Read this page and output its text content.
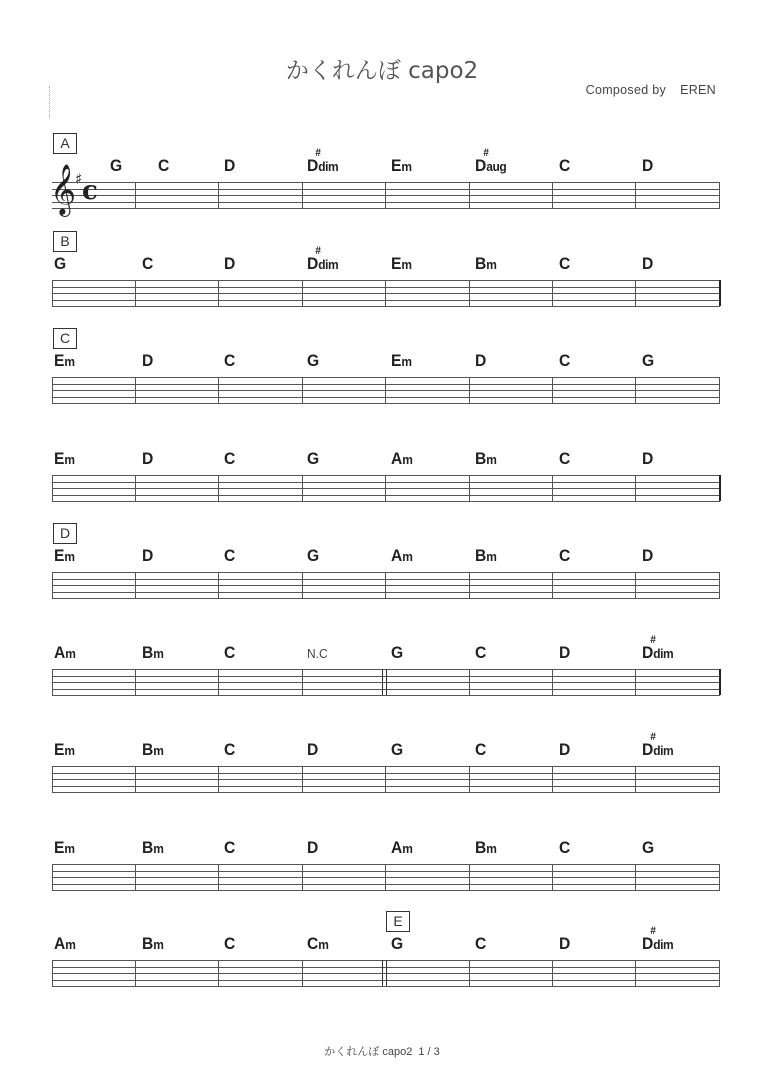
かくれんぼ capo2
Composed by EREN
A
𝄞
♯ c
G C	D	D
#
dim	Em	D
#
aug	C	D
B
G	C	D	D
#
dim	Em	Bm	C	D
C
Em	D	C	G	Em	D	C	G
Em	D	C	G	Am	Bm	C	D
D
Em	D	C	G	Am	Bm	C	D
Am	Bm	C	N.C	G	C	D	D
#
dim
Em	Bm	C	D	G	C	D	D
#
dim
Em	Bm	C	D	Am	Bm	C	G
E
Am	Bm	C	Cm	G	C	D	D
#
dim
かくれんぼ capo2 1 / 3
